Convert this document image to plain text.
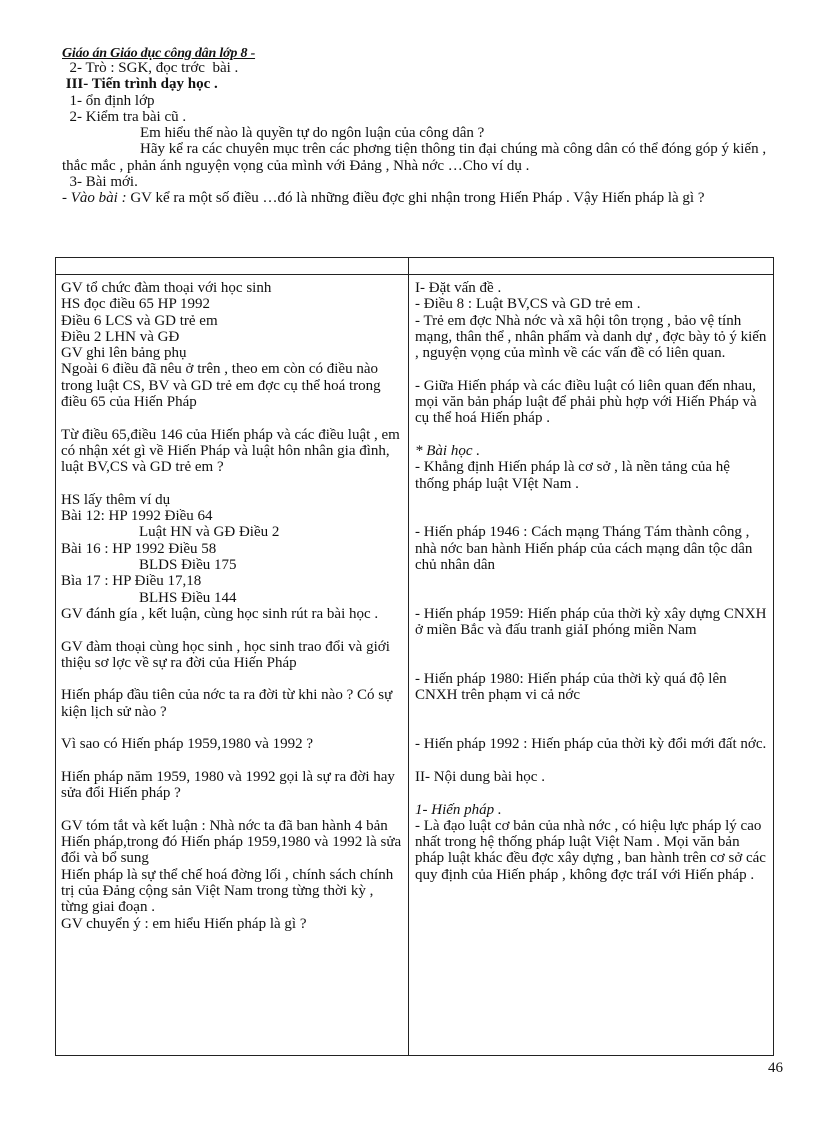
Giáo án Giáo dục công dân lớp 8 -
2- Trò : SGK, đọc trớc  bài .
III- Tiến trình dạy học .
1- ổn định lớp
2- Kiểm tra bài cũ .
Em hiểu thế nào là quyền tự do ngôn luận của công dân ?
Hãy kể ra các chuyên mục trên các phơng tiện thông tin đại chúng mà công dân có thể đóng góp ý kiến , thắc mắc , phản ánh nguyện vọng của mình với Đảng , Nhà nớc …Cho ví dụ .
3- Bài mới.
- Vào bài : GV kể ra một số điều …đó là những điều đợc ghi nhận trong Hiến Pháp . Vậy Hiến pháp là gì ?

GV tổ chức đàm thoại với học sinh

HS đọc điều 65 HP 1992

Điều 6 LCS và GD trẻ em

Điều 2 LHN và GĐ

GV ghi lên bảng phụ

Ngoài 6 điều đã nêu ở trên , theo em còn có điều nào trong luật CS, BV và GD trẻ em đợc cụ thể hoá trong điều 65 của Hiến Pháp

Từ điều 65,điều 146 của Hiến pháp và các điều luật , em có nhận xét gì về Hiến Pháp và luật hôn nhân gia đình, luật BV,CS và GD trẻ em ?

HS lấy thêm ví dụ

Bài 12: HP 1992 Điều 64

Luật HN và GĐ Điều 2

Bài 16 : HP 1992 Điều 58

BLDS Điều 175

Bìa 17 : HP Điều 17,18

BLHS Điều 144

GV đánh gía , kết luận, cùng học sinh rút ra bài học .

GV đàm thoại cùng học sinh , học sinh trao đổi và giới thiệu sơ lợc về sự ra đời của Hiến Pháp

Hiến pháp đầu tiên của nớc ta ra đời từ khi nào ? Có sự kiện lịch sử nào ?

Vì sao có Hiến pháp 1959,1980 và 1992 ?

Hiến pháp năm 1959, 1980 và 1992 gọi là sự ra đời hay sửa đổi Hiến pháp ?

GV tóm tắt và kết luận : Nhà nớc ta đã ban hành 4 bản Hiến pháp,trong đó Hiến pháp 1959,1980 và 1992 là sửa đổi và bổ sung

Hiến pháp là sự thể chế hoá đờng lối , chính sách chính trị của Đảng cộng sản Việt Nam trong từng thời kỳ , từng giai đoạn .

GV chuyển ý : em hiểu Hiến pháp là gì ?

I- Đặt vấn đề .

- Điều 8 : Luật BV,CS và GD trẻ em .

- Trẻ em đợc Nhà nớc và xã hội tôn trọng , bảo vệ tính mạng, thân thể , nhân phẩm và danh dự , đợc bày tỏ ý kiến , nguyện vọng của mình về các vấn đề có liên quan.

- Giữa Hiến pháp và các điều luật có liên quan đến nhau, mọi văn bản pháp luật để phải phù hợp với Hiến Pháp và cụ thể hoá Hiến pháp .

* Bài học .

- Khẳng định Hiến pháp là cơ sở , là nền tảng của hệ thống pháp luật VIệt Nam .

- Hiến pháp 1946 : Cách mạng Tháng Tám thành công , nhà nớc ban hành Hiến pháp của cách mạng dân tộc dân chủ nhân dân

- Hiến pháp 1959: Hiến pháp của thời kỳ xây dựng CNXH ở miền Bắc và đấu tranh giảI phóng miền Nam

- Hiến pháp 1980: Hiến pháp của thời kỳ quá độ lên CNXH trên phạm vi cả nớc

- Hiến pháp 1992 : Hiến pháp của thời kỳ đổi mới đất nớc.

II- Nội dung bài học .

1- Hiến pháp .

- Là đạo luật cơ bản của nhà nớc , có hiệu lực pháp lý cao nhất trong hệ thống pháp luật Việt Nam . Mọi văn bản pháp luật khác đều đợc xây dựng , ban hành trên cơ sở các quy định của Hiến pháp , không đợc tráI với Hiến pháp .

46
